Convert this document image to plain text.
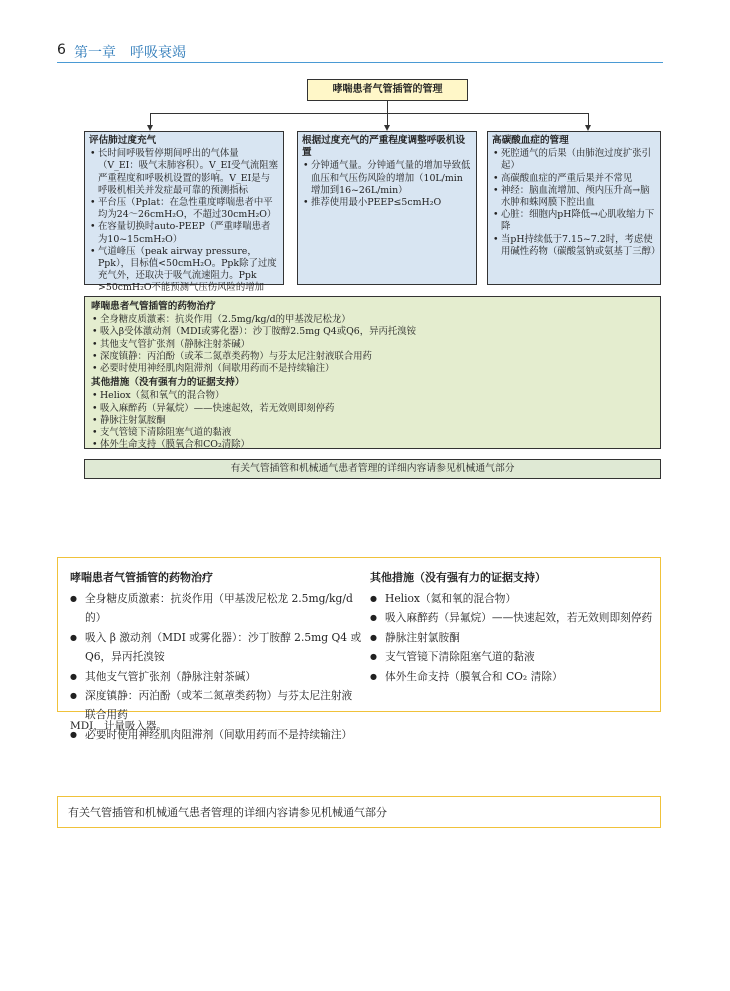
6 第一章　呼吸衰竭
哮喘患者气管插管的管理
评估肺过度充气
• 长时间呼吸暂停期间呼出的气体量（V_EI：吸气末肺容积）。V_EI受气流阻塞严重程度和呼吸机设置的影响。V_EI是与呼吸机相关并发症最可靠的预测指标
• 平台压（Pplat：在急性重度哮喘患者中平均为24～26cmH₂O，不超过30cmH₂O）
• 在容量切换时auto-PEEP（严重哮喘患者为10~15cmH₂O）
• 气道峰压（peak airway pressure，Ppk），目标值<50cmH₂O。Ppk除了过度充气外，还取决于吸气流速阻力。Ppk >50cmH₂O不能预测气压伤风险的增加
根据过度充气的严重程度调整呼吸机设置
• 分钟通气量。分钟通气量的增加导致低血压和气压伤风险的增加（10L/min增加到16~26L/min）
• 推荐使用最小PEEP≤5cmH₂O
高碳酸血症的管理
• 死腔通气的后果（由肺泡过度扩张引起）
• 高碳酸血症的严重后果并不常见
• 神经：脑血流增加、颅内压升高→脑水肿和蛛网膜下腔出血
• 心脏：细胞内pH降低→心肌收缩力下降
• 当pH持续低于7.15~7.2时，考虑使用碱性药物（碳酸氢钠或氨基丁三醇）
哮喘患者气管插管的药物治疗
• 全身糖皮质激素：抗炎作用（2.5mg/kg/d的甲基泼尼松龙）
• 吸入β受体激动剂（MDI或雾化器）：沙丁胺醇2.5mg Q4或Q6，异丙托溴铵
• 其他支气管扩张剂（静脉注射茶碱）
• 深度镇静：丙泊酚（或苯二氮䓬类药物）与芬太尼注射液联合用药
• 必要时使用神经肌肉阻滞剂（间歇用药而不是持续输注）
其他措施（没有强有力的证据支持）
• Heliox（氦和氧气的混合物）
• 吸入麻醉药（异氟烷）——快速起效，若无效则即刻停药
• 静脉注射氯胺酮
• 支气管镜下清除阻塞气道的黏液
• 体外生命支持（膜氧合和CO₂清除）
有关气管插管和机械通气患者管理的详细内容请参见机械通气部分
哮喘患者气管插管的药物治疗
● 全身糖皮质激素：抗炎作用（甲基泼尼松龙 2.5mg/kg/d 的）
● 吸入 β 激动剂（MDI 或雾化器）：沙丁胺醇 2.5mg Q4 或
Q6，异丙托溴铵
● 其他支气管扩张剂（静脉注射茶碱）
● 深度镇静：丙泊酚（或苯二氮䓬类药物）与芬太尼注射液
联合用药
● 必要时使用神经肌肉阻滞剂（间歇用药而不是持续输注）
其他措施（没有强有力的证据支持）
● Heliox（氦和氧的混合物）
● 吸入麻醉药（异氟烷）——快速起效，若无效则即刻停药
● 静脉注射氯胺酮
● 支气管镜下清除阻塞气道的黏液
● 体外生命支持（膜氧合和 CO₂ 清除）
MDI，计量吸入器。
有关气管插管和机械通气患者管理的详细内容请参见机械通气部分
